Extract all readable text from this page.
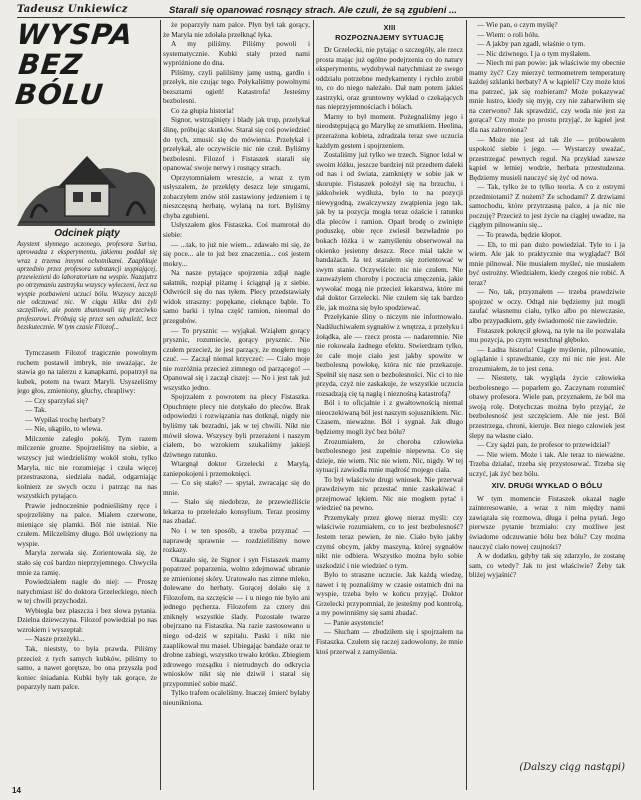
Tadeusz Unkiewicz	Starali się opanować rosnący strach. Ale czuli, że są zgubieni ...
WYSPA
BEZ BÓLU
Odcinek piąty
Asystent słynnego uczonego, profesora Surisa, uprowadza z eksperymentu, jakiemu poddał się wraz z trzema innymi ochotnikami. Zaaplikuje uprzednio przez profesora substancji usypiającej, przewiezieni do laboratorium na wyspie. Nazajutrz po otrzymaniu zastrzyku wszyscy wyleczeni, lecz na wyspie pozbawieni uczuci bólu. Wszyscy zaczęli nie odczuwać nic. W ciągu kilku dni żyli szczęśliwie, ale potem zbuntowali się przeciwko profesorowi. Próbują się przez sen odnaleźć, lecz bezskutecznie. W tym czasie Filozof...

Tymczasem Filozof tragicznie powolnym ruchem postawił imbryk, nie uważając, że stawia go na talerzu z kanapkami, popatrzył na kubek, potem na twarz Maryli. Usyszeliśmy jego głos, zmieniony, głuchy, chrapliwy:

— Czy sparzyłaś się?

— Tak.

— Wypiłaś trochę herbaty?

— Nie, ukąpiło, to wlewa.

Milczenie zaległo pokój. Tym razem milczenie grozne. Spojrzeliśmy na siebie, a wszyscy już wiedzieliśmy wokół stołu, tylko Maryla, nic nie rozumiejąc i czuła więcej przestraszona, siedziała nadal, odgarniając kołnierz ze swych oczu i patrząc na nas wszystkich pytająco.

Prawie jednocześnie podnieśliśmy ręce i spojrzeliśmy na palce. Miałem czerwone, mieniące się plamki. Ból nie istniał. Nie czułem. Milczeliśmy długo. Ból uwięziony na wyspie.

Maryla zerwała się. Zorientowała się, że stało się coś bardzo nieprzyjemnego. Chwyciła mnie za ramię.

Powiedziałem nagle do niej: — Proszę natychmiast iść do doktora Grzeleckiego, niech w tej chwili przychodzi.

Wybiegła bez płaszcza i bez słowa pytania. Dzielna dziewczyna. Filozof powiedział po nas wzrokiem i wyszeptał:

— Nasze przeżyki...

Tak, nieststy, to była prawda. Piliśmy przecież z tych samych kubków, piliśmy to samo, a nawet gorętsze, bo ona przyszła pod koniec śniadania. Kubki były tak gorące, że poparzyły nam palce.

że poparzyły nam palce. Płyn był tak gorący, że Maryla nie zdołała przełknąć łyka.

A my piliśmy. Piliśmy powoli i systematycznie. Kubki stały przed nami wypróżnione do dna.

Piliśmy, czyli paliliśmy jamę ustną, gardło i przełyk, nie czując tego. Połykaliśmy powolnymi bezsztami ogień! Katastrofa! Jesteśmy bezbolesni.

Co za głupia historia!

Signor, wstrząśnięty i blady jak trup, przełykał ślinę, próbując skutków. Starał się coś powiedzieć do tych, zmusić się do mówienia. Przełykał i przełykał, ale oczywiście nic nie czuł. Byliśmy bezbolesni. Filozof i Fistaszek starali się opanować swoje nerwy i rosnący strach.

Oprzytomniałem wreszcie, a wraz z tym usłyszałem, że przeklęty deszcz leje strugami, zobaczyłem znów stół zastawiony jedzeniem i tę nieszczęsną herbatę, wylaną na tort. Byliśmy chyba zgubieni.

Usłyszałem głos Fistaszka. Coś mamrotał do siebie:

— ...tak, to już nie wiem... zdawało mi się, że się poce... ale to już bez znaczenia... coś jestem mokry...

Na nasze pytające spojrzenia zdjął nagle sałatnik, rozpiął piżamę i ściągnął ją z siebie. Odwrócił się do nas tyłem. Plecy przedstawiały widok straszny: popękane, cieknące bąble. To samo barki i tylna część ramion, nieomal do przegubów.

— To prysznic — wyjąkał. Wziąłem gorący prysznic, rozumiecie, gorący prysznic. Nie czułem przecież, że jest parzący, że mogłem tego czuć. — Zaczął niemal krzyczeć: — Ciało moje nie rozróżnia przecież zimnego od parzącego! — Opanował się i zaczął ciszej: — No i jest tak już wszystko jedno.

Spojrzałem z powrotem na plecy Fistaszka. Opuchnięte plecy nie dotykało do pleców. Brak odpowiedzi i rozwiązania nas dotknął, nigdy nie byliśmy tak bezradni, jak w tej chwili. Nikt nie mówił słowa. Wszyscy byli przerażeni i naszym ciałem, bo wzrokiem szukaliśmy jakiejś dziwnego ratunku.

Wtargnął doktor Grzelecki z Marylą, zaniepokojeni i przemoknięci.

— Co się stało? — spytał, zwracając się do mnie.

— Stało się niedobrze, że przewieźliście lekarza to przeleżało konsylium. Teraz prosimy nas zbadać.

No i w ten sposób, a trzeba przyznać — naprawdę sprawnie — rozdzieliliśmy nowe rozkazy.

Okazało się, że Signor i syn Fistaszek mamy popatrzeć poparzenia, wolno zdejmować ubranie ze zmienionej skóry. Uratowało nas zimne mleko, dolewane do herbaty. Gorącej dolało się z Filozofem, na szczęście — i u niego nie było ani jednego pęcherza. Filozofem za cztery dni zniknęły wszystkie ślady. Pozostałe twarze obejrzano na Fistaszka. Na razie zastosowano u niego od-dziś w szpitalu. Paski i nikt nie zaaplikował mu maseł. Ubiegając bandaże oraz te drobne zabiegi, wszystko trwało krótko. Zbiegiem zdrowego rozsądku i nietrudnych do odkrycia wniosków nikt się nie dziwił i starał się przypomnieć sobie maść.

Tylko trafem ocaleliśmy. Inaczej śmierć byłaby nieunikniona.

XIII
ROZPOZNAJEMY SYTUACJĘ

Dr Grzelecki, nie pytając o szczegóły, ale rzecz prosta mając już ogólne podejrzenia co do natury eksperymentu, wydobywał natychmiast ze swego oddziału potrzebne medykamenty i rychło zrobił to, co do niego należało. Dał nam potem jakieś zastrzyki, oraz gruntowny wykład o czekających nas nieprzyjemnościach i bólach.

Marny to był moment. Pożegnaliśmy jego i nieodstępującą go Marylkę ze smutkiem. Heelina, przerażona kobieta, zdradzała teraz swe uczucia każdym gestem i spojrzeniem.

Zostaliśmy już tylko we trzech. Signor leżał w swoim łóżku, jeszcze bardziej niż przedtem daleki od nas i od świata, zamknięty w sobie jak w skorupie. Fistaszek położył się na brzuchu, i jakkolwiek wydłuża, było to na pozycji niewygodną, zwalczywszy zwątpienia jego tak, jak by ta pozycja mogła teraz ożaście i ratunku dla pleców i ramion. Oparł brodę o zwinięte poduszkę, obie ręce zwiesił bezwładnie po bokach łóżka i w zamyśleniu obserwował na okienko jesienny deszcz. Rece miał także w bandażach. Ja też starałem się zorientować w swym stanie. Oczywiście: nic nie czułem. Nie zauważyłem choroby i poczucia zmęczenia, jakie wywołać mogą nie przecież lekarstwa, które mi dał doktor Grzelecki. Nie czułem się tak bardzo źle, jak można się było spodziewać.

Przełykanie śliny o niczym nie informowało. Nadśluchiwałem sygnałów z wnętrza, z przełyku i żołądka, ale — rzecz prosta — nadaremnie. Nie nie rokowała żadnego efektu. Stwierdzam tylko, że całe moje ciało jest jakby spowite w bezbolesną powłokę, która nic nie przekazuje. Spełnił się nasz sen o bezbolesności. Nic ci to nie przyda, czyż nie zaskakuje, że wszystkie uczucia rozsadzają cię tą nagłą i nieznośną katastrofą?

Ból i to oficjalnie i z gwałtownością niemal nieoczekiwaną ból jest naszym sojusznikiem. Nic. Czasem, nieważne. Ból i sygnał. Jak długo będziemy mogli żyć bez bólu?

Zrozumiałem, że choroba człowieka bezbolesnego jest zupełnie niepewna. Co się dzieje, nie wiem. Nic nie wiem. Nic, nigdy. W tej sytuacji zawiodła mnie mądrość mojego ciała.

To był właściwie drugi wniosek. Nie przerwał prawdziwym nic przestać mnie zaskakiwać i przejmować lękiem. Nic nie mogłem pytać i wiedzieć na pewno.

Przemykały przez głowę nieraz myśli: czy właściwie rozumiałem, co to jest bezbolesność? Jestem teraz pewien, że nie. Ciało było jakby czymś obcym, jakby maszyną, której sygnałów nikt nie odbiera. Wszystko można było sobie uszkodzić i nie wiedzieć o tym.

Było to straszne uczucie. Jak każdą wiedzę, nawet i tę poznaliśmy w czasie ostatnich dni na wyspie, trzeba było w końcu przyjąć. Doktor Grzelecki przypomniał, że jesteśmy pod kontrolą, a my powinniśmy się sami zbadać.

— Panie asystencie!

— Słucham — zbudziłem się i spojrzałem na Fistaszka. Czułem się raczej zadowolony, że mnie ktoś przerwał z zamyślenia.

— Wie pan, o czym myślę?

— Wiem: o roli bólu.

— A jakby pan zgadł, właśnie o tym.

— Nic dziwnego. I ja o tym myślałem.

— Niech mi pan powie: jak właściwie my obecnie mamy żyć? Czy mierzyć termometrem temperaturę każdej szklanki herbaty? A w kąpieli? Czy może ktoś ma patrzeć, jak się rozbieram? Może pokazywać mnie lustro, kiedy się myję, czy nie zabarwiłem się na czerwono? Jak sprawdzić, czy woda nie jest za gorąca? Czy może po prostu przyjąć, że kąpiel jest dla nas zabroniona?

— Może nie jest aż tak źle — próbowałem uspokoić siebie i jego. — Wystarczy uważać, przestrzegać pewnych reguł. Na przykład zawsze kąpiel w letniej wodzie, herbata przestudzona. Będziemy musieli nauczyć się żyć od nowa.

— Tak, tylko że to tylko teoria. A co z ostrymi przedmiotami? Z nożem? Ze schodami? Z drzwiami samochodu, które przytrzasną palce, a ja nic nie poczuję? Przecież to jest życie na ciągłej uwadze, na ciągłym pilnowaniu się...

— To prawda, będzie kłopot.

— Eh, to mi pan dużo powiedział. Tyle to i ja wiem. Ale jak to praktycznie ma wyglądać? Ból mnie pilnował. Nie musiałem myśleć, nie musiałem być ostrożny. Wiedziałem, kiedy czegoś nie robić. A teraz?

— No, tak, przyznałem — trzeba prawdziwie spojrzeć w oczy. Odtąd nie będziemy już mogli zaufać własnemu ciału, tylko albo po niewczasie, albo przypadkiem, gdy świadomość nie zawiedzie.

Fistaszek pokręcił głową, na tyle na ile pozwalała mu pozycja, po czym westchnął głęboko.

— Ładna historia! Ciągłe myślenie, pilnowanie, oglądanie i sprawdzanie, czy mi nic nie jest. Ale zrozumiałem, że to jest cena.

— Niestety, tak wygląda życie człowieka bezbolesnego — poparłem go. Zaczynam rozumieć obawy profesora. Wiele pan, przyznałem, że ból ma swoją rolę. Dotychczas można było przyjąć, że bezbolesność jest szczęściem. Ale nie jest. Ból przestrzega, chroni, kieruje. Bez niego człowiek jest ślepy na własne ciało.

— Czy sądzi pan, że profesor to przewidział?

— Nie wiem. Może i tak. Ale teraz to nieważne. Trzeba działać, trzeba się przystosować. Trzeba się uczyć, jak żyć bez bólu.

XIV. DRUGI WYKŁAD O BÓLU

W tym momencie Fistaszek okazał nagłe zainteresowanie, a wraz z nim między nami zawiązała się rozmowa, długa i pełna pytań. Jego pierwsze pytanie brzmiało: czy możliwe jest świadome odczuwanie bólu bez bólu? Czy można nauczyć ciało nowej czujności?

A w dodatku, gdyby tak się zdarzyło, że zostanę sam, co wtedy? Jak to jest właściwie? Żeby tak bliżej wyjaśnić?

(Dalszy ciąg nastąpi)
14
